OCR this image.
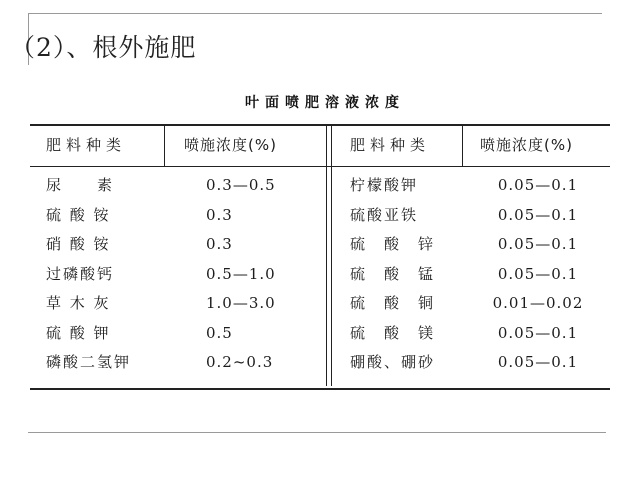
（2）、根外施肥
叶面喷肥溶液浓度
肥料种类	喷施浓度(%)	肥料种类	喷施浓度(%)
尿　　素	0.3—0.5	柠檬酸钾	0.05—0.1
硫 酸 铵	0.3	硫酸亚铁	0.05—0.1
硝 酸 铵	0.3	硫　酸　锌	0.05—0.1
过磷酸钙	0.5—1.0	硫　酸　锰	0.05—0.1
草 木 灰	1.0—3.0	硫　酸　铜	0.01—0.02
硫 酸 钾	0.5	硫　酸　镁	0.05—0.1
磷酸二氢钾	0.2~0.3	硼酸、硼砂	0.05—0.1
